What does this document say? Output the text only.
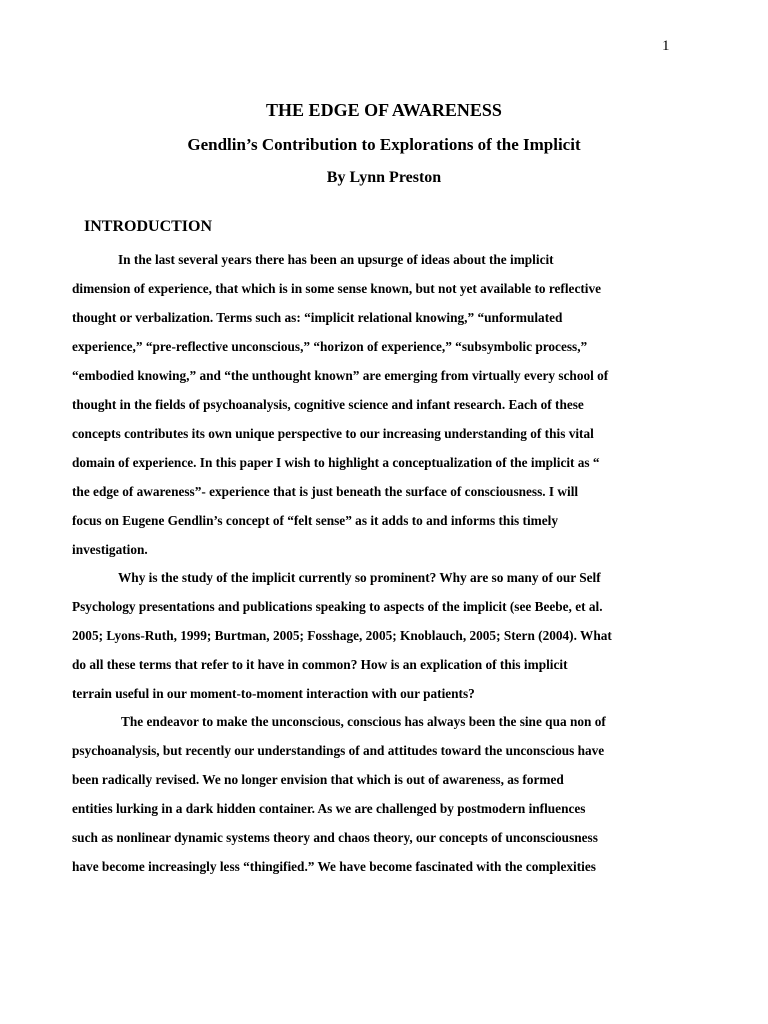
1
THE EDGE OF AWARENESS
Gendlin’s Contribution to Explorations of the Implicit
By Lynn Preston
INTRODUCTION

In the last several years there has been an upsurge of ideas about the implicit

dimension of experience, that which is in some sense known, but not yet available to reflective

thought or verbalization. Terms such as: “implicit relational knowing,” “unformulated

experience,” “pre-reflective unconscious,” “horizon of experience,” “subsymbolic process,”

“embodied knowing,” and “the unthought known” are emerging from virtually every school of

thought in the fields of psychoanalysis, cognitive science and infant research. Each of these

concepts contributes its own unique perspective to our increasing understanding of this vital

domain of experience. In this paper I wish to highlight a conceptualization of the implicit as “

the edge of awareness”- experience that is just beneath the surface of consciousness. I will

focus on Eugene Gendlin’s concept of “felt sense” as it adds to and informs this timely

investigation.

Why is the study of the implicit currently so prominent? Why are so many of our Self

Psychology presentations and publications speaking to aspects of the implicit (see Beebe, et al.

2005; Lyons-Ruth, 1999; Burtman, 2005; Fosshage, 2005; Knoblauch, 2005; Stern (2004). What

do all these terms that refer to it have in common? How is an explication of this implicit

terrain useful in our moment-to-moment interaction with our patients?

The endeavor to make the unconscious, conscious has always been the sine qua non of

psychoanalysis, but recently our understandings of and attitudes toward the unconscious have

been radically revised. We no longer envision that which is out of awareness, as formed

entities lurking in a dark hidden container. As we are challenged by postmodern influences

such as nonlinear dynamic systems theory and chaos theory, our concepts of unconsciousness

have become increasingly less “thingified.” We have become fascinated with the complexities
